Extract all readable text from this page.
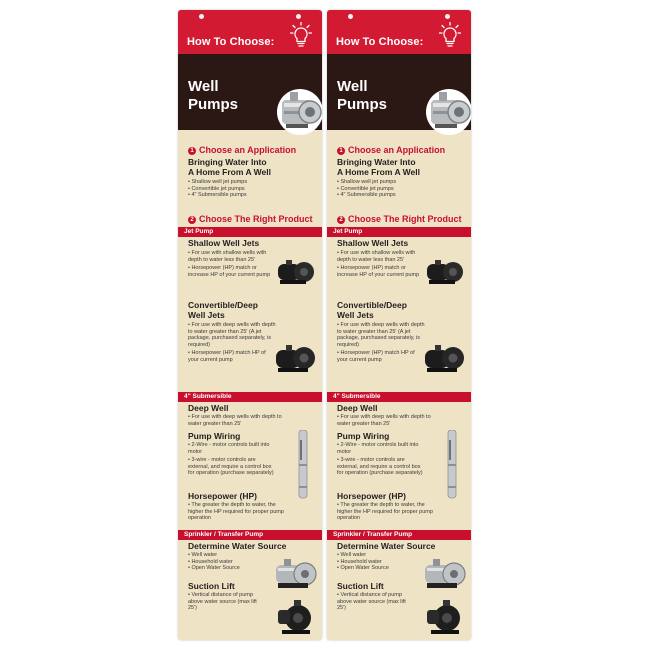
How To Choose:
Well
Pumps
1 Choose an Application
Bringing Water Into
A Home From A Well
• Shallow well jet pumps
• Convertible jet pumps
• 4" Submersible pumps
2 Choose The Right Product
Jet Pump
Shallow Well Jets
• For use with shallow wells with depth to water less than 25'
• Horsepower (HP) match or increase HP of your current pump
Convertible/Deep
Well Jets
• For use with deep wells with depth to water greater than 25' (A jet package, purchased separately, is required)
• Horsepower (HP) match HP of your current pump
4" Submersible
Deep Well
• For use with deep wells with depth to water greater than 25'
Pump Wiring
• 2-Wire - motor controls built into motor
• 3-wire - motor controls are external, and require a control box for operation (purchase separately)
Horsepower (HP)
• The greater the depth to water, the higher the HP required for proper pump operation
Sprinkler / Transfer Pump
Determine Water Source
• Well water
• Household water
• Open Water Source
Suction Lift
• Vertical distance of pump above water source (max lift 25')
How To Choose:
Well
Pumps
1 Choose an Application
Bringing Water Into
A Home From A Well
• Shallow well jet pumps
• Convertible jet pumps
• 4" Submersible pumps
2 Choose The Right Product
Jet Pump
Shallow Well Jets
• For use with shallow wells with depth to water less than 25'
• Horsepower (HP) match or increase HP of your current pump
Convertible/Deep
Well Jets
• For use with deep wells with depth to water greater than 25' (A jet package, purchased separately, is required)
• Horsepower (HP) match HP of your current pump
4" Submersible
Deep Well
• For use with deep wells with depth to water greater than 25'
Pump Wiring
• 2-Wire - motor controls built into motor
• 3-wire - motor controls are external, and require a control box for operation (purchase separately)
Horsepower (HP)
• The greater the depth to water, the higher the HP required for proper pump operation
Sprinkler / Transfer Pump
Determine Water Source
• Well water
• Household water
• Open Water Source
Suction Lift
• Vertical distance of pump above water source (max lift 25')
